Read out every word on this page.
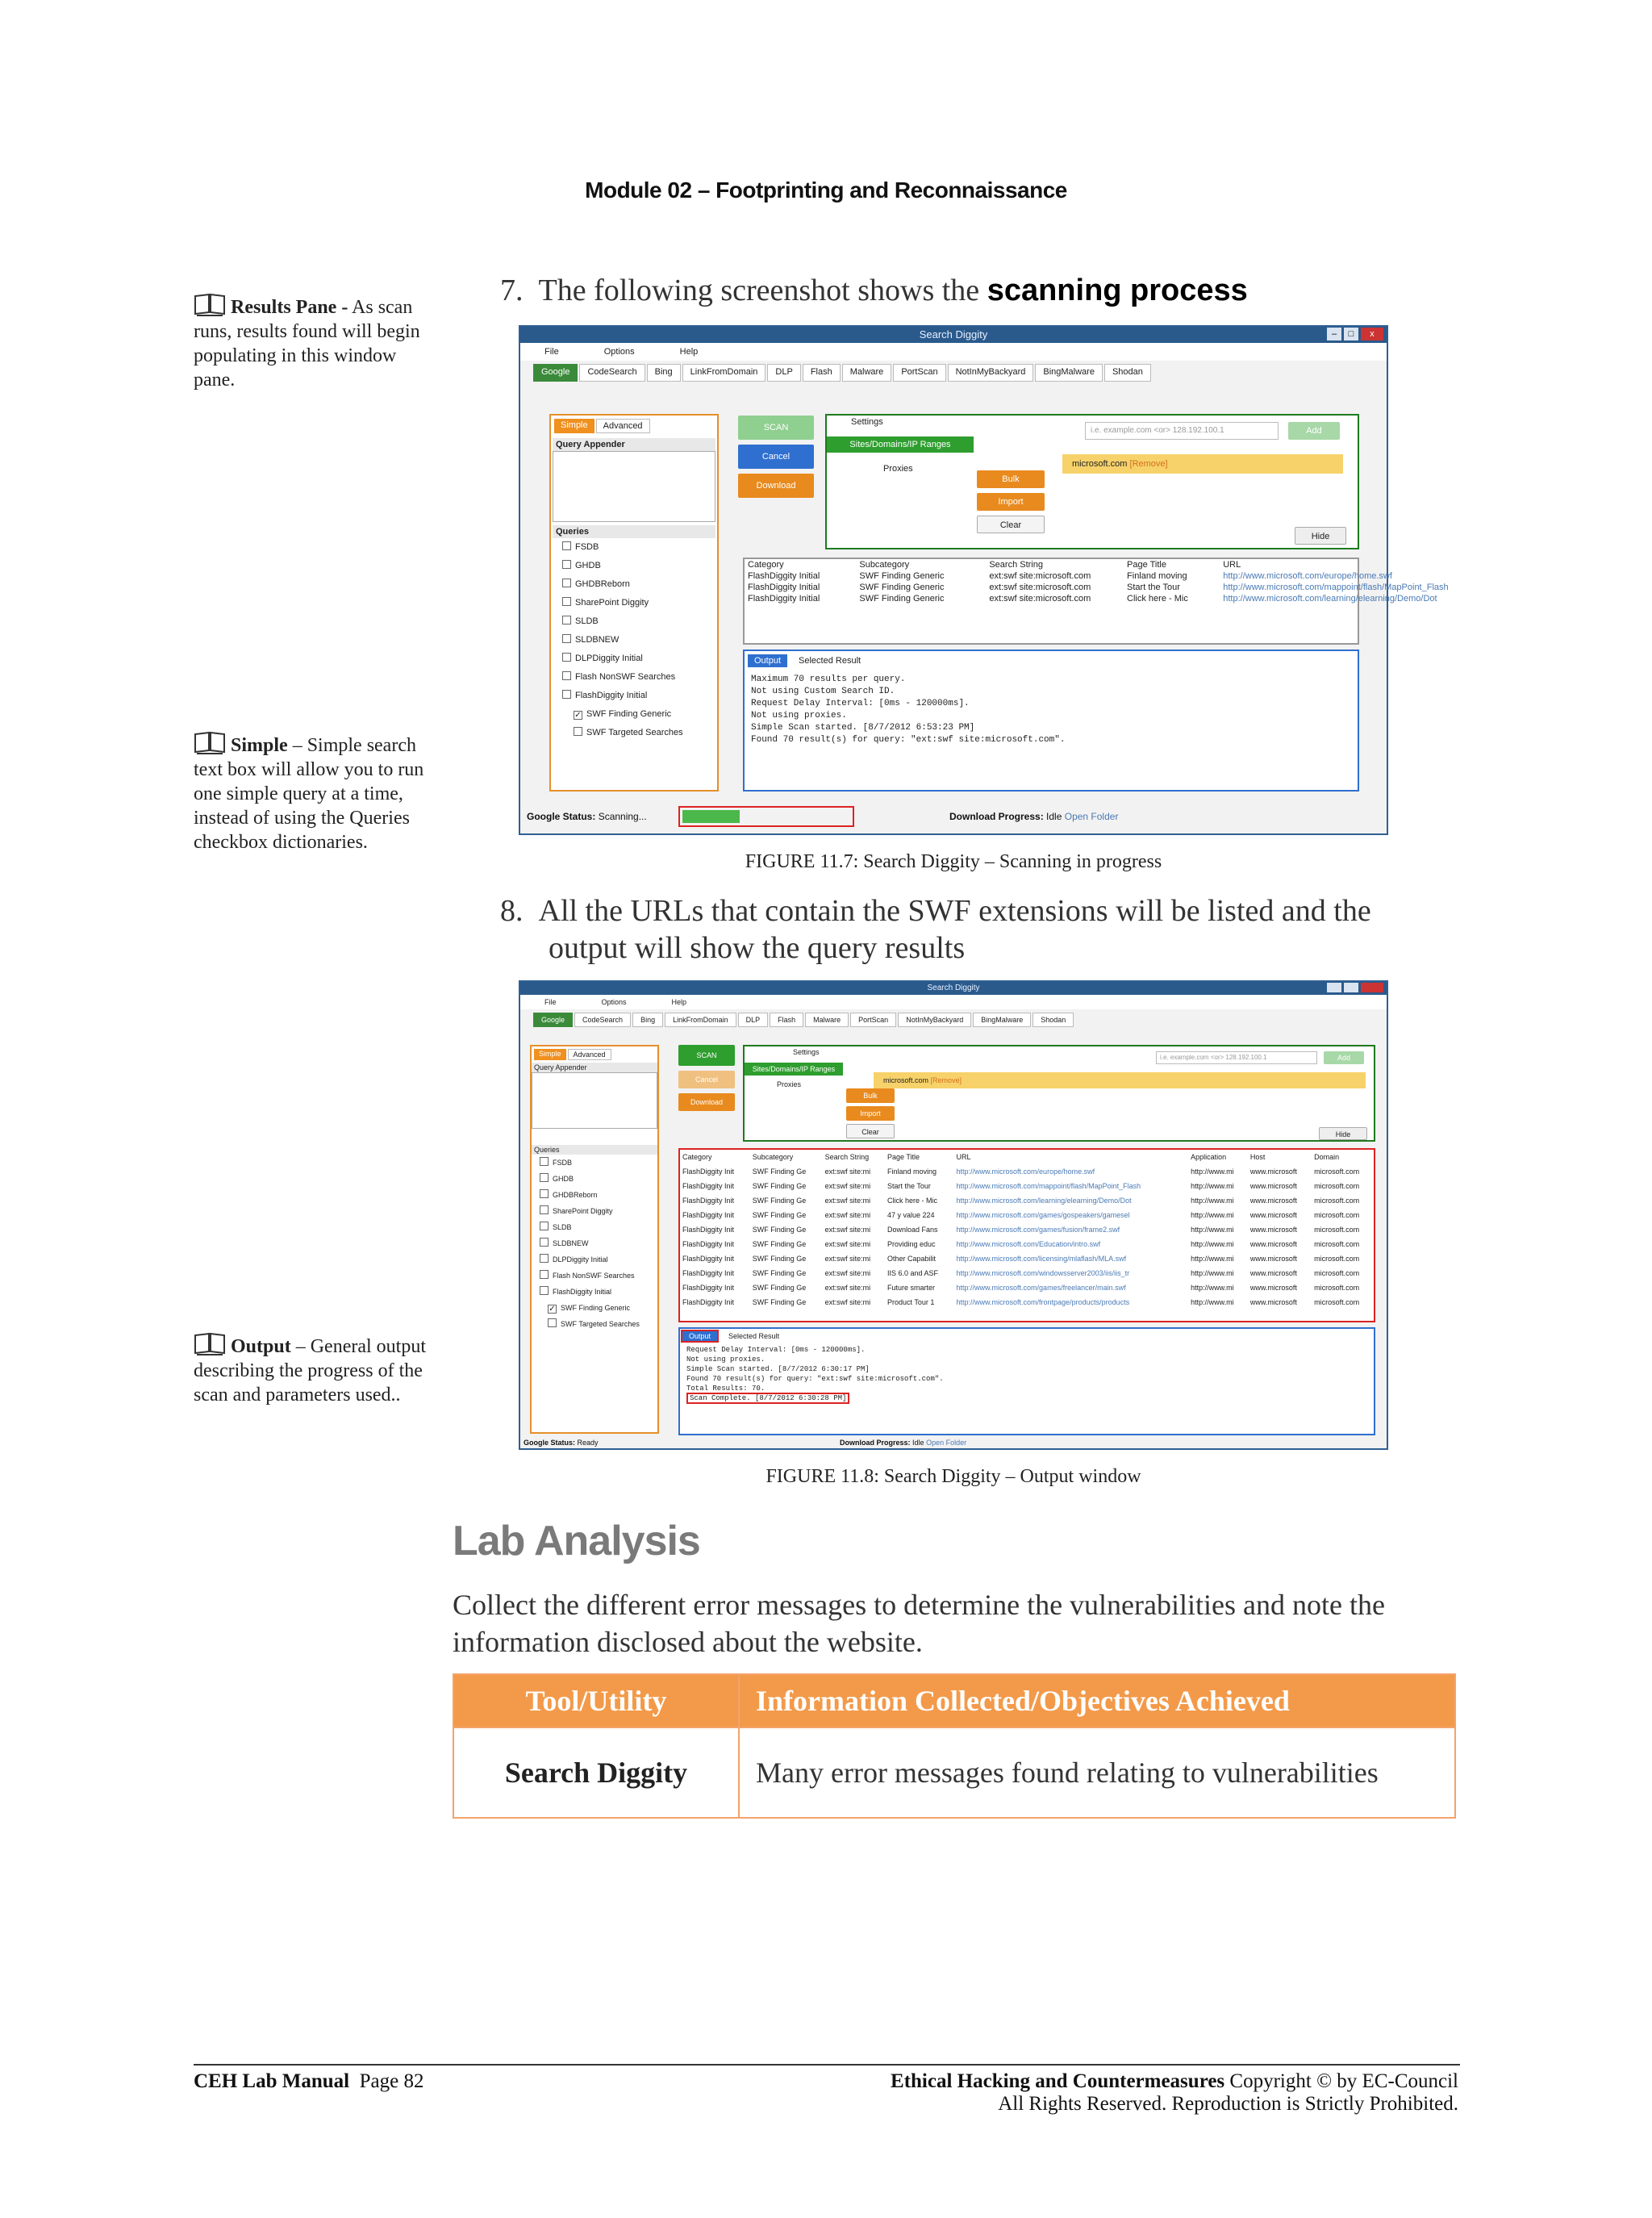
Module 02 – Footprinting and Reconnaissance
Results Pane - As scan runs, results found will begin populating in this window pane.
Simple – Simple search text box will allow you to run one simple query at a time, instead of using the Queries checkbox dictionaries.
Output – General output describing the progress of the scan and parameters used..
7. The following screenshot shows the scanning process
Search Diggity	–	□	x
File	Options	Help
Google	CodeSearch	Bing	LinkFromDomain	DLP	Flash	Malware	PortScan	NotInMyBackyard	BingMalware	Shodan
Simple	Advanced
Query Appender
Queries
FSDB
GHDB
GHDBReborn
SharePoint Diggity
SLDB
SLDBNEW
DLPDiggity Initial
Flash NonSWF Searches
FlashDiggity Initial
✓ SWF Finding Generic
SWF Targeted Searches
SCAN
Cancel
Download
Settings
Sites/Domains/IP Ranges
Proxies
i.e. example.com <or> 128.192.100.1	Add
microsoft.com [Remove]
Bulk
Import
Clear
Hide
Category	Subcategory	Search String	Page Title	URL
FlashDiggity Initial	SWF Finding Generic	ext:swf site:microsoft.com	Finland moving	http://www.microsoft.com/europe/home.swf
FlashDiggity Initial	SWF Finding Generic	ext:swf site:microsoft.com	Start the Tour	http://www.microsoft.com/mappoint/flash/MapPoint_Flash
FlashDiggity Initial	SWF Finding Generic	ext:swf site:microsoft.com	Click here - Mic	http://www.microsoft.com/learning/elearning/Demo/Dot
Output	Selected Result
Maximum 70 results per query.
Not using Custom Search ID.
Request Delay Interval: [0ms - 120000ms].
Not using proxies.
Simple Scan started. [8/7/2012 6:53:23 PM]
Found 70 result(s) for query: "ext:swf site:microsoft.com".
Google Status: Scanning...	Download Progress: Idle Open Folder
FIGURE 11.7: Search Diggity – Scanning in progress
8. All the URLs that contain the SWF extensions will be listed and the output will show the query results
Search Diggity
File	Options	Help
Google	CodeSearch	Bing	LinkFromDomain	DLP	Flash	Malware	PortScan	NotInMyBackyard	BingMalware	Shodan
Simple	Advanced
Query Appender
Queries
FSDB
GHDB
GHDBReborn
SharePoint Diggity
SLDB
SLDBNEW
DLPDiggity Initial
Flash NonSWF Searches
FlashDiggity Initial
✓ SWF Finding Generic
SWF Targeted Searches
SCAN
Cancel
Download
Settings
Sites/Domains/IP Ranges
Proxies
i.e. example.com <or> 128.192.100.1	Add
microsoft.com [Remove]
Bulk
Import
Clear	Hide
Category	Subcategory	Search String	Page Title	URL	Application	Host	Domain
FlashDiggity Init	SWF Finding Ge	ext:swf site:mi	Finland moving	http://www.microsoft.com/europe/home.swf	http://www.mi	www.microsoft	microsoft.com
FlashDiggity Init	SWF Finding Ge	ext:swf site:mi	Start the Tour	http://www.microsoft.com/mappoint/flash/MapPoint_Flash	http://www.mi	www.microsoft	microsoft.com
FlashDiggity Init	SWF Finding Ge	ext:swf site:mi	Click here - Mic	http://www.microsoft.com/learning/elearning/Demo/Dot	http://www.mi	www.microsoft	microsoft.com
FlashDiggity Init	SWF Finding Ge	ext:swf site:mi	47 y value 224	http://www.microsoft.com/games/gospeakers/gamesel	http://www.mi	www.microsoft	microsoft.com
FlashDiggity Init	SWF Finding Ge	ext:swf site:mi	Download Fans	http://www.microsoft.com/games/fusion/frame2.swf	http://www.mi	www.microsoft	microsoft.com
FlashDiggity Init	SWF Finding Ge	ext:swf site:mi	Providing educ	http://www.microsoft.com/Education/intro.swf	http://www.mi	www.microsoft	microsoft.com
FlashDiggity Init	SWF Finding Ge	ext:swf site:mi	Other Capabilit	http://www.microsoft.com/licensing/mlaflash/MLA.swf	http://www.mi	www.microsoft	microsoft.com
FlashDiggity Init	SWF Finding Ge	ext:swf site:mi	IIS 6.0 and ASF	http://www.microsoft.com/windowsserver2003/iis/iis_tr	http://www.mi	www.microsoft	microsoft.com
FlashDiggity Init	SWF Finding Ge	ext:swf site:mi	Future smarter	http://www.microsoft.com/games/freelancer/main.swf	http://www.mi	www.microsoft	microsoft.com
FlashDiggity Init	SWF Finding Ge	ext:swf site:mi	Product Tour 1	http://www.microsoft.com/frontpage/products/products	http://www.mi	www.microsoft	microsoft.com
Output	Selected Result
Request Delay Interval: [0ms - 120000ms].
Not using proxies.
Simple Scan started. [8/7/2012 6:30:17 PM]
Found 70 result(s) for query: "ext:swf site:microsoft.com".
Total Results: 70.
Scan Complete. [8/7/2012 6:30:28 PM]
Google Status: Ready	Download Progress: Idle Open Folder
FIGURE 11.8: Search Diggity – Output window
Lab Analysis
Collect the different error messages to determine the vulnerabilities and note the information disclosed about the website.
Tool/Utility	Information Collected/Objectives Achieved
Search Diggity	Many error messages found relating to vulnerabilities
CEH Lab Manual Page 82	Ethical Hacking and Countermeasures Copyright © by EC-Council
All Rights Reserved. Reproduction is Strictly Prohibited.
